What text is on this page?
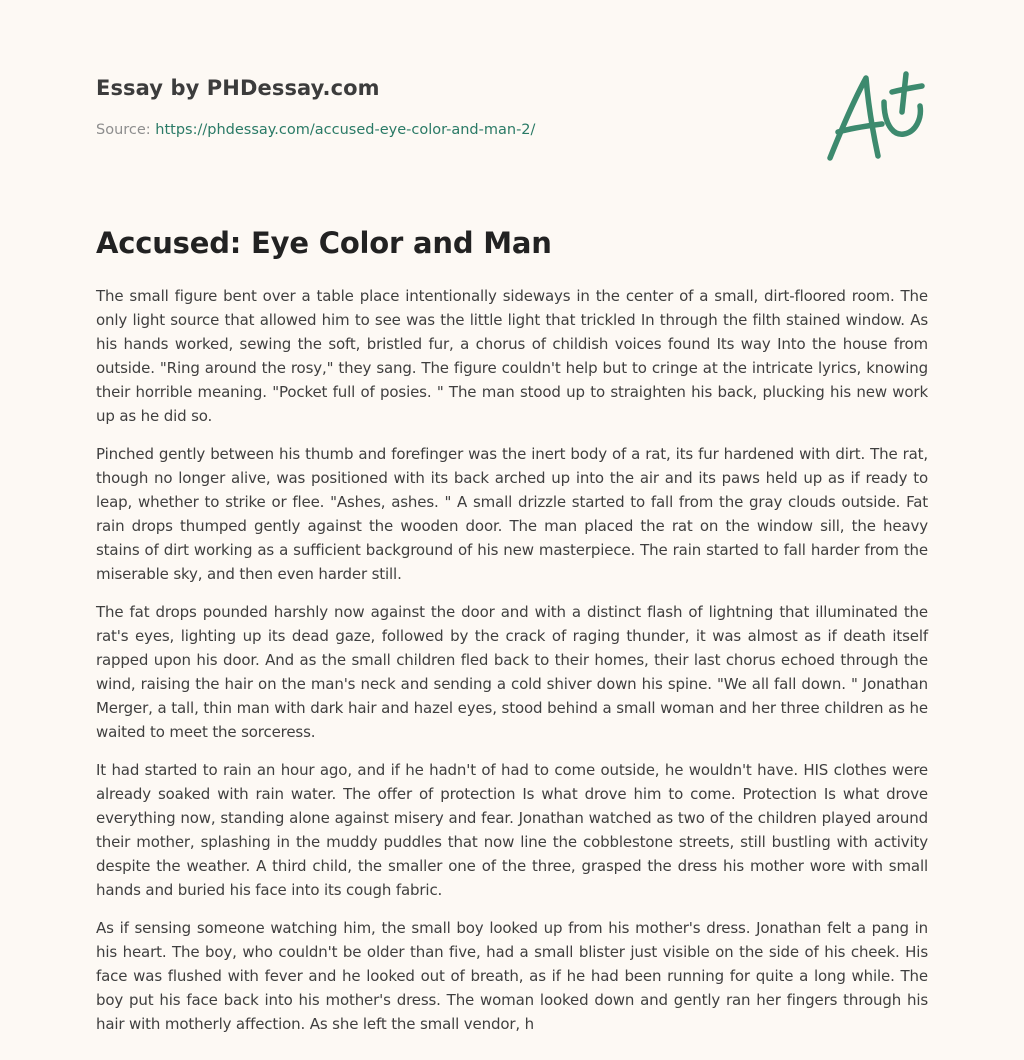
Essay by PHDessay.com
Source: https://phdessay.com/accused-eye-color-and-man-2/
Accused: Eye Color and Man

The small figure bent over a table place intentionally sideways in the center of a small, dirt-floored room. The only light source that allowed him to see was the little light that trickled In through the filth stained window. As his hands worked, sewing the soft, bristled fur, a chorus of childish voices found Its way Into the house from outside. "Ring around the rosy," they sang. The figure couldn't help but to cringe at the intricate lyrics, knowing their horrible meaning. "Pocket full of posies. " The man stood up to straighten his back, plucking his new work up as he did so.

Pinched gently between his thumb and forefinger was the inert body of a rat, its fur hardened with dirt. The rat, though no longer alive, was positioned with its back arched up into the air and its paws held up as if ready to leap, whether to strike or flee. "Ashes, ashes. " A small drizzle started to fall from the gray clouds outside. Fat rain drops thumped gently against the wooden door. The man placed the rat on the window sill, the heavy stains of dirt working as a sufficient background of his new masterpiece. The rain started to fall harder from the miserable sky, and then even harder still.

The fat drops pounded harshly now against the door and with a distinct flash of lightning that illuminated the rat's eyes, lighting up its dead gaze, followed by the crack of raging thunder, it was almost as if death itself rapped upon his door. And as the small children fled back to their homes, their last chorus echoed through the wind, raising the hair on the man's neck and sending a cold shiver down his spine. "We all fall down. " Jonathan Merger, a tall, thin man with dark hair and hazel eyes, stood behind a small woman and her three children as he waited to meet the sorceress.

It had started to rain an hour ago, and if he hadn't of had to come outside, he wouldn't have. HIS clothes were already soaked with rain water. The offer of protection Is what drove him to come. Protection Is what drove everything now, standing alone against misery and fear. Jonathan watched as two of the children played around their mother, splashing in the muddy puddles that now line the cobblestone streets, still bustling with activity despite the weather. A third child, the smaller one of the three, grasped the dress his mother wore with small hands and buried his face into its cough fabric.

As if sensing someone watching him, the small boy looked up from his mother's dress. Jonathan felt a pang in his heart. The boy, who couldn't be older than five, had a small blister just visible on the side of his cheek. His face was flushed with fever and he looked out of breath, as if he had been running for quite a long while. The boy put his face back into his mother's dress. The woman looked down and gently ran her fingers through his hair with motherly affection. As she left the small vendor, h
